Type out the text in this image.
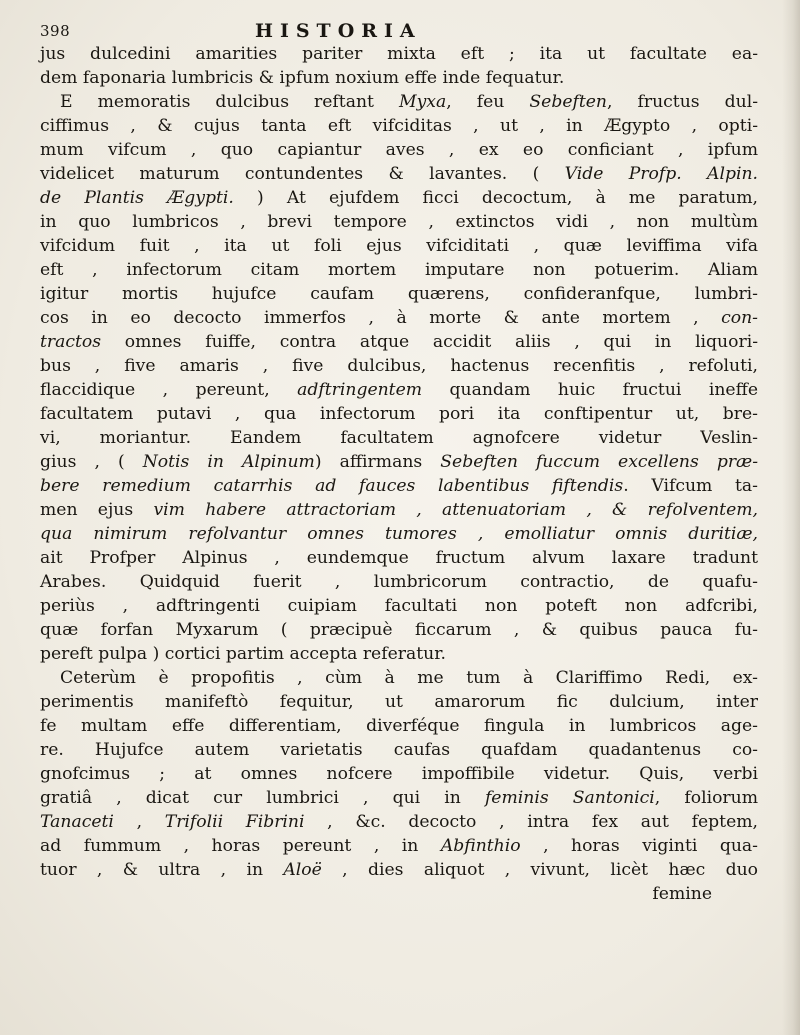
398	HISTORIA
jus dulcedini amarities pariter mixta eft ; ita ut facultate ea-
dem faponaria lumbricis & ipfum noxium effe inde fequatur.
E memoratis dulcibus reftant Myxa, feu Sebeften, fructus dul-
ciffimus , & cujus tanta eft vifciditas , ut , in Ægypto , opti-
mum vifcum , quo capiantur aves , ex eo conficiant , ipfum
videlicet maturum contundentes & lavantes. ( Vide Profp. Alpin.
de Plantis Ægypti. ) At ejufdem ficci decoctum, à me paratum,
in quo lumbricos , brevi tempore , extinctos vidi , non multùm
vifcidum fuit , ita ut foli ejus vifciditati , quæ leviffima vifa
eft , infectorum citam mortem imputare non potuerim. Aliam
igitur mortis hujufce caufam quærens, confideranfque, lumbri-
cos in eo decocto immerfos , à morte & ante mortem , con-
tractos omnes fuiffe, contra atque accidit aliis , qui in liquori-
bus , five amaris , five dulcibus, hactenus recenfitis , refoluti,
flaccidique , pereunt, adftringentem quandam huic fructui ineffe
facultatem putavi , qua infectorum pori ita conftipentur ut, bre-
vi, moriantur. Eandem facultatem agnofcere videtur Veslin-
gius , ( Notis in Alpinum) affirmans Sebeften fuccum excellens præ-
bere remedium catarrhis ad fauces labentibus fiftendis. Vifcum ta-
men ejus vim habere attractoriam , attenuatoriam , & refolventem,
qua nimirum refolvantur omnes tumores , emolliatur omnis duritiæ,
ait Profper Alpinus , eundemque fructum alvum laxare tradunt
Arabes. Quidquid fuerit , lumbricorum contractio, de quafu-
periùs , adftringenti cuipiam facultati non poteft non adfcribi,
quæ forfan Myxarum ( præcipuè ficcarum , & quibus pauca fu-
pereft pulpa ) cortici partim accepta referatur.
Ceterùm è propofitis , cùm à me tum à Clariffimo Redi, ex-
perimentis manifeftò fequitur, ut amarorum fic dulcium, inter
fe multam effe differentiam, diverféque fingula in lumbricos age-
re. Hujufce autem varietatis caufas quafdam quadantenus co-
gnofcimus ; at omnes nofcere impoffibile videtur. Quis, verbi
gratiâ , dicat cur lumbrici , qui in feminis Santonici, foliorum
Tanaceti , Trifolii Fibrini , &c. decocto , intra fex aut feptem,
ad fummum , horas pereunt , in Abfinthio , horas viginti qua-
tuor , & ultra , in Aloë , dies aliquot , vivunt, licèt hæc duo
femine
